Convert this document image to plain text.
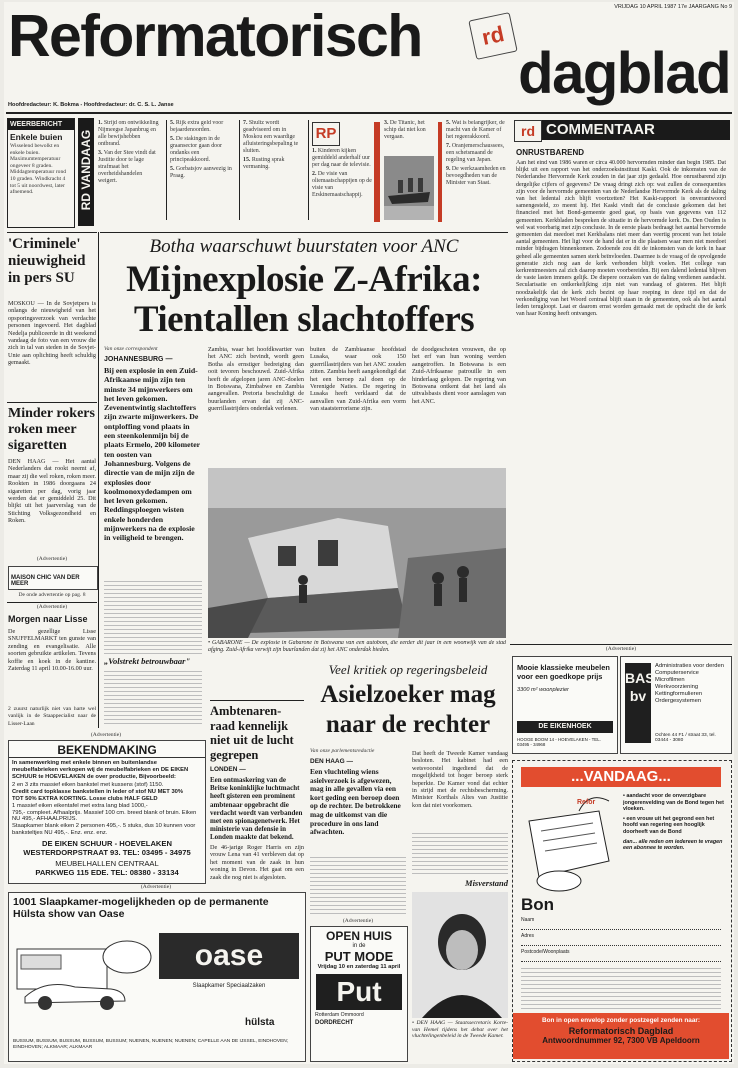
Reformatorisch	rd
VRIJDAG 10 APRIL 1987 17e JAARGANG No 9
dagblad
Hoofdredacteur: K. Bokma - Hoofdredacteur: dr. C. S. L. Janse
WEERBERICHT
Enkele buien
Wisselend bewolkt en enkele buien. Maximumtemperatuur ongeveer 8 graden. Middagtemperatuur rond 10 graden. Windkracht 4 tot 5 uit noordwest, later afnemend.	RD VANDAAG
1. Strijd om ontwikkeling Nijmeegse Japanbrug en alle bewijshebben ontbrand.
3. Van der Stee vindt dat Justitie door te lage strafmaat het overheidshandelen weigert.
5. Rijk extra geld voor bejaardenoorden.
5. De stakingen in de graansector gaan door ondanks een principeakkoord.
5. Gorbatsjov aanwezig in Praag.
7. Shultz wordt geadviseerd om in Moskou een waardige afluisteringsbepaling te sluiten.
15. Rusting sprak vermaning.
RP
1. Kinderen kijken gemiddeld anderhalf uur per dag naar de televisie.
2. De visie van oliemaatschappijen op de visie van Erskinemaatschappij.
3. De Titanic, het schip dat niet kon vergaan.
5. Wat is belangrijker, de macht van de Kamer of het regeerakkoord.
7. Oranjemerschaussees, een schetsmaand de regeling van Japan.
9. De werkzaamheden en bevoegdheden van de Minister van Staat.
rd COMMENTAAR
ONRUSTBAREND
Aan het eind van 1986 waren er circa 40.000 hervormden minder dan begin 1985. Dat blijkt uit een rapport van het onderzoeksinstituut Kaski. Ook de inkomsten van de Nederlandse Hervormde Kerk zouden in dat jaar zijn gedaald. Hoe onrustbarend zijn dergelijke cijfers of gegevens? De vraag dringt zich op: wat zullen de consequenties zijn voor de hervormde gemeenten van de Nederlandse Hervormde Kerk als de daling van het ledental zich blijft voortzetten? Het Kaski-rapport is onverantwoord samengesteld, zo meent hij. Het Kaski vindt dat de conclusie gekomen dat het financieel met het Bond-gemeente goed gaat, op basis van gegevens van 112 gemeenten. Kerkbladen bespreken de situatie in de hervormde kerk. Ds. Den Ouden is wel wat voorbarig met zijn conclusie. In de eerste plaats bedraagt het aantal hervormde gemeenten dat meedoet met Kerkbalans niet meer dan veertig procent van het totale aantal gemeenten. Het ligt voor de hand dat er in die plaatsen waar men niet meedoet minder bijdragen binnenkomen. Zodoende zou dit de inkomsten van de kerk in haar geheel alle gemeenten samen sterk beïnvloeden. Daarmee is de vraag of de opvolgende generatie zich nog aan de kerk verbonden blijft voelen. Het college van kerkrentmeesters zal zich daarop moeten voorbereiden. Bij een dalend ledental blijven de vaste lasten immers gelijk. De diepere oorzaken van de daling verdienen aandacht. Secularisatie en ontkerkelijking zijn niet van vandaag of gisteren. Het blijft noodzakelijk dat de kerk zich bezint op haar roeping in deze tijd en dat de verkondiging van het Woord centraal blijft staan in de gemeenten, ook als het aantal leden terugloopt. Laat er daarom ernst worden gemaakt met de opdracht die de kerk van haar Koning heeft ontvangen.
'Criminele' nieuwigheid in pers SU
MOSKOU — In de Sovjetpers is onlangs de nieuwigheid van het opsporingsverzoek van verdachte personen ingevoerd. Het dagblad Nedelja publiceerde in dit weekend vandaag de foto van een vrouw die zich in tal van steden in de Sovjet-Unie aan oplichting heeft schuldig gemaakt.
Minder rokers roken meer sigaretten
DEN HAAG — Het aantal Nederlanders dat rookt neemt af, maar zij die wel roken, roken meer. Rookten in 1986 doorgaans 24 sigaretten per dag, vorig jaar werden dat er gemiddeld 25. Dit blijkt uit het jaarverslag van de Stichting Volksgezondheid en Roken.
(Advertentie)
MAISON CHIC VAN DER MEER
De onde advertentie op pag. 8
(Advertentie)
Morgen naar Lisse
De gezellige Lisse SNUFFELMARKT ten gunste van zending en evangelisatie. Alle soorten gebruikte artikelen. Tevens koffie en koek in de kantine. Zaterdag 11 april 10.00-16.00 uur.
2 zuurst naturlijk niet van harte wel vanlijk in de Staappecialist naar de Lisser-Laan
Botha waarschuwt buurstaten voor ANC
Mijnexplosie Z-Afrika:
Tientallen slachtoffers
Van onze correspondent
JOHANNESBURG —
Bij een explosie in een Zuid-Afrikaanse mijn zijn ten minste 34 mijnwerkers om het leven gekomen. Zevenentwintig slachtoffers zijn zwarte mijnwerkers. De ontploffing vond plaats in een steenkolenmijn bij de plaats Ermelo, 200 kilometer ten oosten van Johannesburg. Volgens de directie van de mijn zijn de explosies door koolmonoxydedampen om het leven gekomen. Reddingsploegen wisten enkele honderden mijnwerkers na de explosie in veiligheid te brengen.
„Volstrekt betrouwbaar"
Zambia, waar het hoofdkwartier van het ANC zich bevindt, wordt geen Botha als ernstiger bedreiging dan ooit tevoren beschouwd. Zuid-Afrika heeft de afgelopen jaren ANC-doelen in Botswana, Zimbabwe en Zambia aangevallen. Pretoria beschuldigt de buurlanden ervan dat zij ANC-guerrillastrijders onderdak verlenen.
buiten de Zambiaanse hoofdstad Lusaka, waar ook 150 guerrillastrijders van het ANC zouden zitten. Zambia heeft aangekondigd dat het een beroep zal doen op de Verenigde Naties. De regering in Lusaka heeft verklaard dat de aanvallen van Zuid-Afrika een vorm van staatsterrorisme zijn.
de doodgeschoten vrouwen, die op het erf van hun woning werden aangetroffen. In Botswana is een Zuid-Afrikaanse patrouille in een hinderlaag gelopen. De regering van Botswana ontkent dat het land als uitvalsbasis dient voor aanslagen van het ANC.
• GABARONE — De explosie in Gabarone in Botswana van een autobom, die eerder dit jaar in een woonwijk van de stad afging. Zuid-Afrika verwijt zijn buurlanden dat zij het ANC onderdak bieden.
Veel kritiek op regeringsbeleid
Asielzoeker mag naar de rechter
Van onze parlementsredactie
DEN HAAG —
Een vluchteling wiens asielverzoek is afgewezen, mag in alle gevallen via een kort geding een beroep doen op de rechter. De betrokkene mag de uitkomst van die procedure in ons land afwachten.
Dat heeft de Tweede Kamer vandaag besloten. Het kabinet had een wetsvoorstel ingediend dat de mogelijkheid tot hoger beroep sterk beperkte. De Kamer vond dat echter in strijd met de rechtsbescherming. Minister Korthals Altes van Justitie kon dat niet voorkomen.
Misverstand
• DEN HAAG — Staatssecretaris Korte-van Hemel tijdens het debat over het vluchtelingenbeleid in de Tweede Kamer.
Ambtenaren-raad kennelijk niet uit de lucht gegrepen
LONDEN —
Een ontmaskering van de Britse koninklijke luchtmacht heeft gisteren een prominent ambtenaar opgebracht die verdacht wordt van verbanden met een spionagenetwerk. Het ministerie van defensie in Londen maakte dat bekend.
De 46-jarige Roger Harris en zijn vrouw Lena van 41 verbleven dat op het moment van de zaak in hun woning in Devon. Het gaat om een zaak die nog niet is afgesloten.
(Advertentie)
BEKENDMAKING
In samenwerking met enkele binnen en buitenlandse meubelfabrieken verkopen wij de meubelfabrieken en DE EIKEN SCHUUR te HOEVELAKEN de over productie, Bijvoorbeeld:
2 en 3 zits massief eiken bankstel met kussens (stof) 1150.
Credit card topklasse bankstellen in leder of stof NU MET 30%
TOT 50% EXTRA KORTING. Losse clubs HALF GELD
1 massief eiken eikentafel met extra lang blad 1000,-
795,- compleet. Afhaalprijs. Massief 100 cm. breed blank of bruin. Eiken NU 495,- AFHAALPRIJS.
Staapkamer blank eiken 2 personen 495,-. 5 stuks, dus 10 kunnen voor banksteltjes NU 495,-. Enz. enz. enz.
DE EIKEN SCHUUR - HOEVELAKEN
WESTERDORPSTRAAT 93. TEL: 03495 - 34975
MEUBELHALLEN CENTRAAL
PARKWEG 115 EDE. TEL: 08380 - 33134
(Advertentie)
1001 Slaapkamer-mogelijkheden op de permanente Hülsta show van Oase
oase
Slaapkamer Speciaalzaken
hülsta
BUSSUM, BUSSUM, BUSSUM, BUSSUM, BUSSUM; NUENEN, NUENEN; NUENEN; CAPELLE AAN DE IJSSEL, EINDHOVEN; EINDHOVEN; ALKMAAR; ALKMAAR
(Advertentie)
OPEN HUIS
in de
PUT MODE
Vrijdag 10 en zaterdag 11 april
Put
Rotterdam Ommoord
DORDRECHT
(Advertentie)
Mooie klassieke meubelen voor een goedkope prijs
3300 m² woonplezier
DE EIKENHOEK
HOOGE BOOM 14 - HOEVELAKEN - TEL. 03495 - 34968
BAS bv
Administraties voor derden
Computerservice
Microfilmen
Werkvoorziening
Kettingformulieren
Ordergesystemen
Ochten 44 F1 / straat 33, tel. 03444 - 3080
...VANDAAG...
Refor
• aandacht voor de onverzigbare jongerenvelding van de Bond tegen het vloeken.
• een vrouw uit het gegrond een het hoofd van regering een hooglijk doorheeft van de Bond
dan... alle reden om iedereen te vragen een abonnee te worden.
Bon
Naam
Adres
Postcode/Woonplaats
Bon in open envelop zonder postzegel zenden naar:
Reformatorisch Dagblad
Antwoordnummer 92, 7300 VB Apeldoorn
